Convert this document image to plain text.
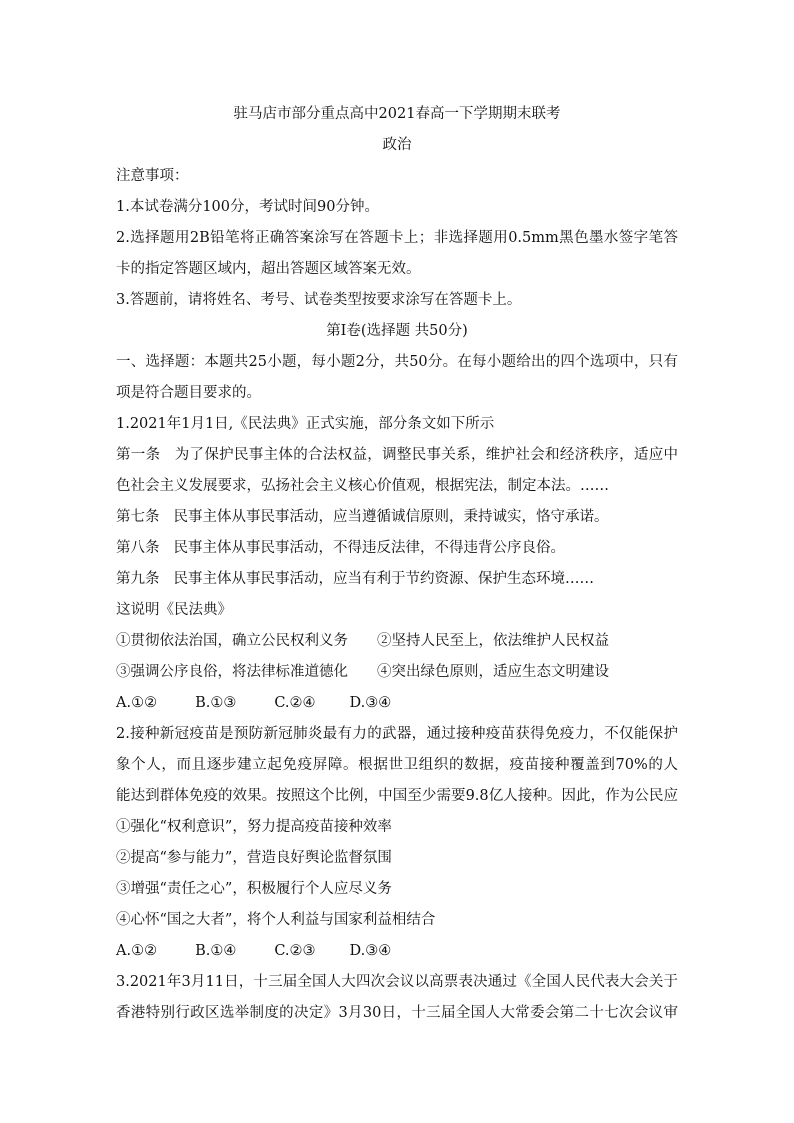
驻马店市部分重点高中2021春高一下学期期末联考
政治
注意事项：
1.本试卷满分100分，考试时间90分钟。
2.选择题用2B铅笔将正确答案涂写在答题卡上；非选择题用0.5mm黑色墨水签字笔答
卡的指定答题区域内，超出答题区域答案无效。
3.答题前，请将姓名、考号、试卷类型按要求涂写在答题卡上。
第Ⅰ卷(选择题 共50分)
一、选择题：本题共25小题，每小题2分，共50分。在每小题给出的四个选项中，只有
项是符合题目要求的。
1.2021年1月1日,《民法典》正式实施，部分条文如下所示
第一条 为了保护民事主体的合法权益，调整民事关系，维护社会和经济秩序，适应中
色社会主义发展要求，弘扬社会主义核心价值观，根据宪法，制定本法。……
第七条 民事主体从事民事活动，应当遵循诚信原则，秉持诚实，恪守承诺。
第八条 民事主体从事民事活动，不得违反法律，不得违背公序良俗。
第九条 民事主体从事民事活动，应当有利于节约资源、保护生态环境……
这说明《民法典》
①贯彻依法治国，确立公民权利义务 ②坚持人民至上，依法维护人民权益
③强调公序良俗，将法律标准道德化 ④突出绿色原则，适应生态文明建设
A.①②	B.①③	C.②④ D.③④
2.接种新冠疫苗是预防新冠肺炎最有力的武器，通过接种疫苗获得免疫力，不仅能保护
象个人，而且逐步建立起免疫屏障。根据世卫组织的数据，疫苗接种覆盖到70%的人
能达到群体免疫的效果。按照这个比例，中国至少需要9.8亿人接种。因此，作为公民应
①强化“权利意识”，努力提高疫苗接种效率
②提高“参与能力”，营造良好舆论监督氛围
③增强“责任之心”，积极履行个人应尽义务
④心怀“国之大者”，将个人利益与国家利益相结合
A.①②	B.①④	C.②③ D.③④
3.2021年3月11日，十三届全国人大四次会议以高票表决通过《全国人民代表大会关于
香港特别行政区选举制度的决定》3月30日，十三届全国人大常委会第二十七次会议审
